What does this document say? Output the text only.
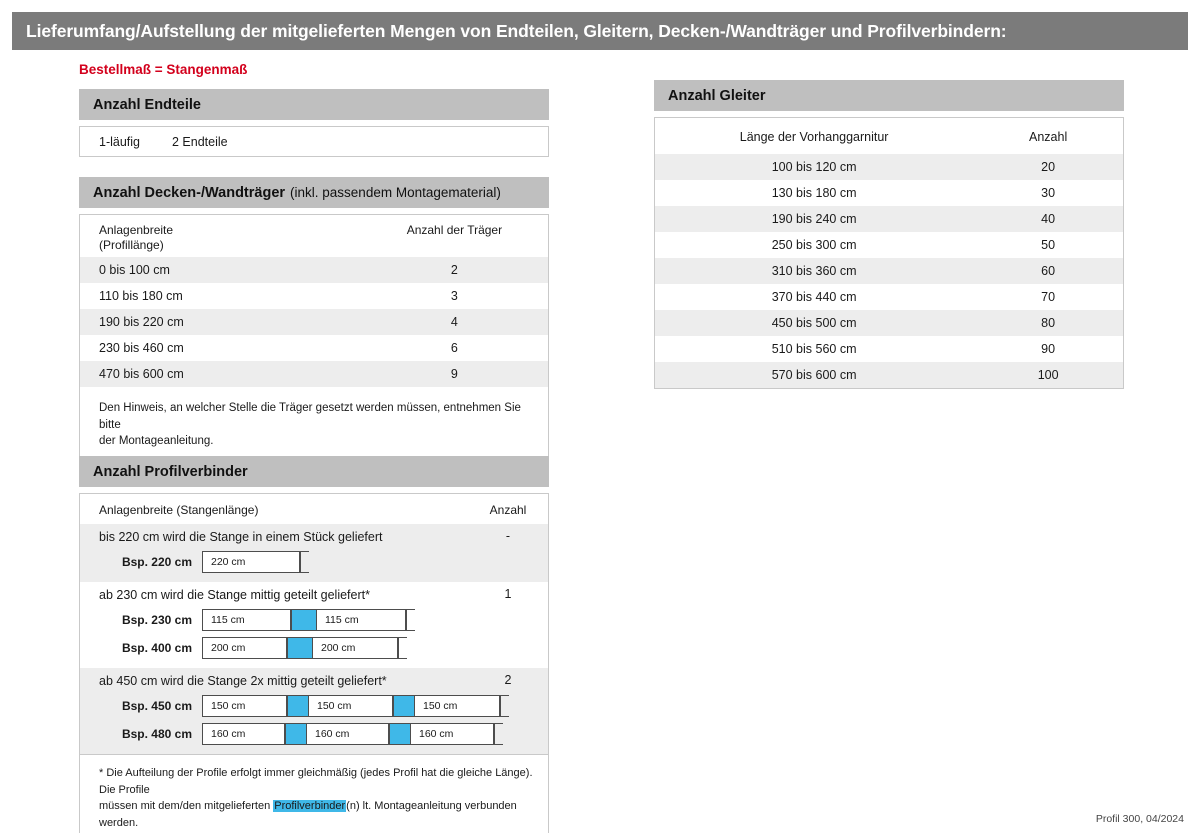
Lieferumfang/Aufstellung der mitgelieferten Mengen von Endteilen, Gleitern, Decken-/Wandträger und Profilverbindern:
Bestellmaß = Stangenmaß
Anzahl Endteile
1-läufig	2 Endteile
Anzahl Decken-/Wandträger (inkl. passendem Montagematerial)
Anlagenbreite
(Profillänge)	Anzahl der Träger
0 bis 100 cm	2
110 bis 180 cm	3
190 bis 220 cm	4
230 bis 460 cm	6
470 bis 600 cm	9
Den Hinweis, an welcher Stelle die Träger gesetzt werden müssen, entnehmen Sie bitte
der Montageanleitung.
Anzahl Gleiter
Länge der Vorhanggarnitur	Anzahl
100 bis 120 cm	20
130 bis 180 cm	30
190 bis 240 cm	40
250 bis 300 cm	50
310 bis 360 cm	60
370 bis 440 cm	70
450 bis 500 cm	80
510 bis 560 cm	90
570 bis 600 cm	100
Anzahl Profilverbinder
Anlagenbreite (Stangenlänge)	Anzahl
bis 220 cm wird die Stange in einem Stück geliefert	-
Bsp. 220 cm	220 cm
ab 230 cm wird die Stange mittig geteilt geliefert*	1
Bsp. 230 cm	115 cm	115 cm
Bsp. 400 cm	200 cm	200 cm
ab 450 cm wird die Stange 2x mittig geteilt geliefert*	2
Bsp. 450 cm	150 cm	150 cm	150 cm
Bsp. 480 cm	160 cm	160 cm	160 cm
* Die Aufteilung der Profile erfolgt immer gleichmäßig (jedes Profil hat die gleiche Länge). Die Profile
müssen mit dem/den mitgelieferten Profilverbinder(n) lt. Montageanleitung verbunden werden.	Profil 300, 04/2024
